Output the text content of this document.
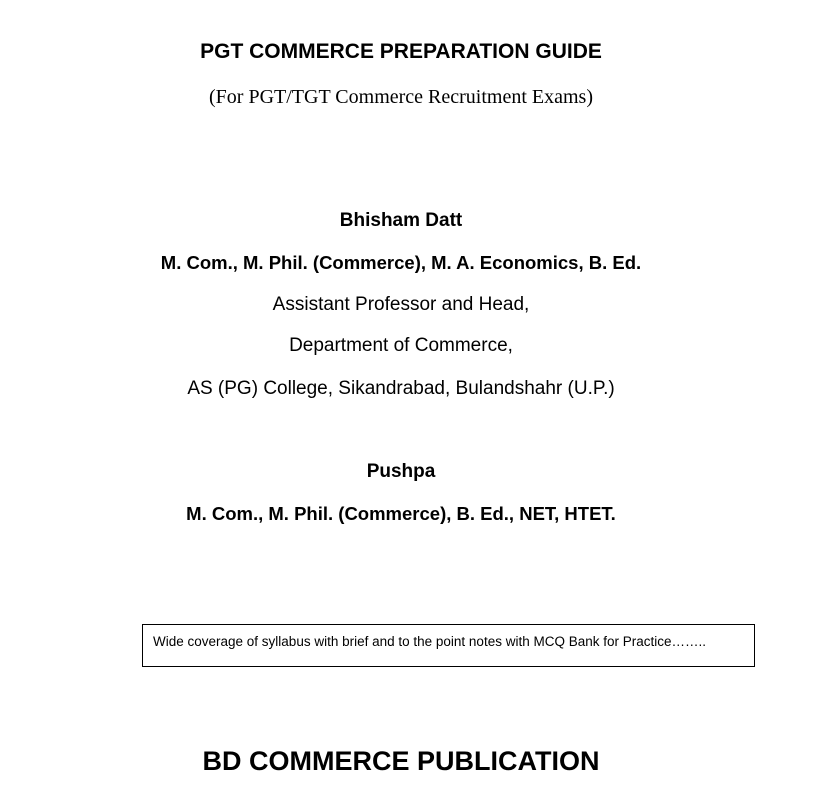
PGT COMMERCE PREPARATION GUIDE
(For PGT/TGT Commerce Recruitment Exams)
Bhisham Datt
M. Com., M. Phil. (Commerce), M. A. Economics, B. Ed.
Assistant Professor and Head,
Department of Commerce,
AS (PG) College, Sikandrabad, Bulandshahr (U.P.)
Pushpa
M. Com., M. Phil. (Commerce), B. Ed., NET, HTET.
Wide coverage of syllabus with brief and to the point notes with MCQ Bank for Practice……..
BD COMMERCE PUBLICATION
